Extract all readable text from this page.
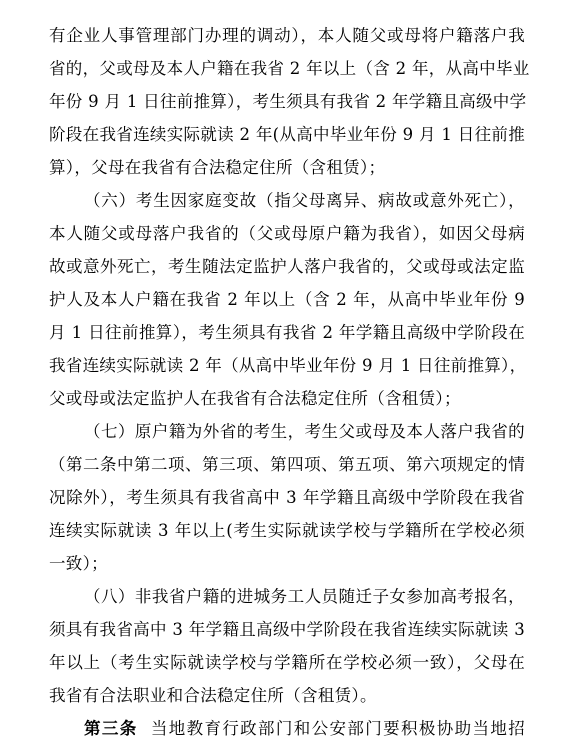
有企业人事管理部门办理的调动），本人随父或母将户籍落户我
省的，父或母及本人户籍在我省 2 年以上（含 2 年，从高中毕业
年份 9 月 1 日往前推算），考生须具有我省 2 年学籍且高级中学
阶段在我省连续实际就读 2 年(从高中毕业年份 9 月 1 日往前推
算），父母在我省有合法稳定住所（含租赁）；
（六）考生因家庭变故（指父母离异、病故或意外死亡），
本人随父或母落户我省的（父或母原户籍为我省），如因父母病
故或意外死亡，考生随法定监护人落户我省的，父或母或法定监
护人及本人户籍在我省 2 年以上（含 2 年，从高中毕业年份 9
月 1 日往前推算），考生须具有我省 2 年学籍且高级中学阶段在
我省连续实际就读 2 年（从高中毕业年份 9 月 1 日往前推算），
父或母或法定监护人在我省有合法稳定住所（含租赁）；
（七）原户籍为外省的考生，考生父或母及本人落户我省的
（第二条中第二项、第三项、第四项、第五项、第六项规定的情
况除外），考生须具有我省高中 3 年学籍且高级中学阶段在我省
连续实际就读 3 年以上(考生实际就读学校与学籍所在学校必须
一致）；
（八）非我省户籍的进城务工人员随迁子女参加高考报名，
须具有我省高中 3 年学籍且高级中学阶段在我省连续实际就读 3
年以上（考生实际就读学校与学籍所在学校必须一致），父母在
我省有合法职业和合法稳定住所（含租赁）。
第三条 当地教育行政部门和公安部门要积极协助当地招
